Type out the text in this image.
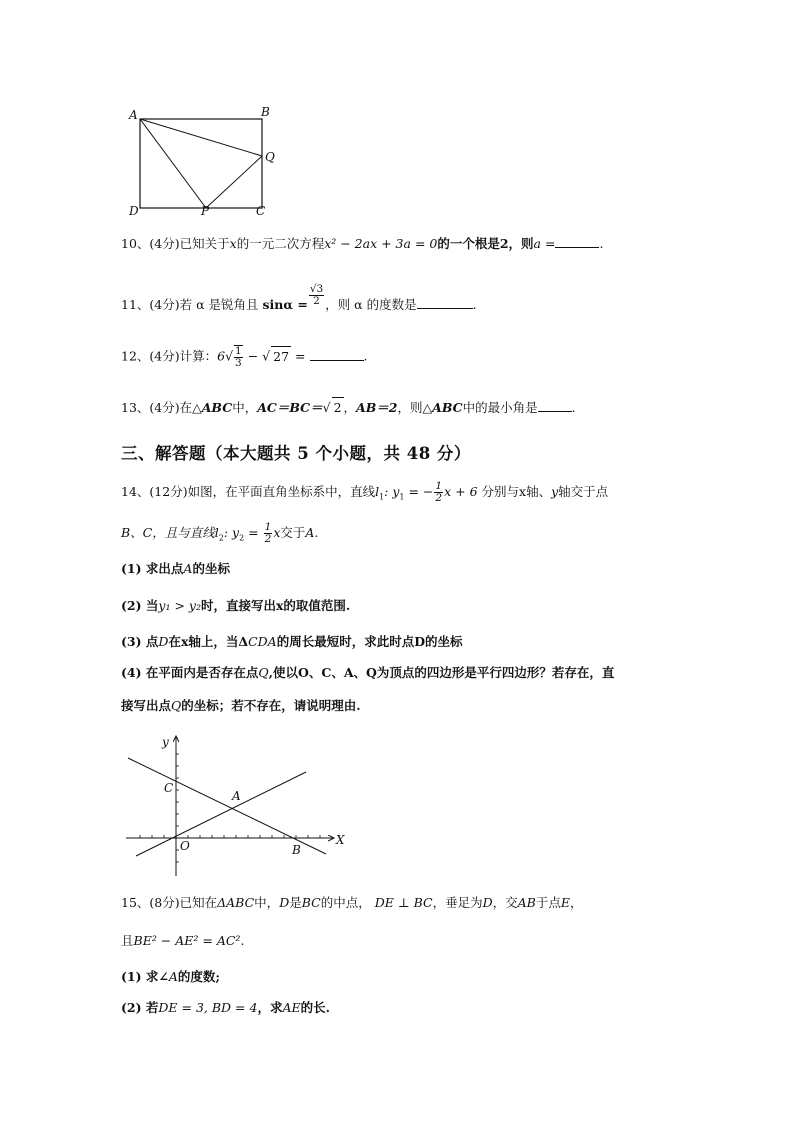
A	B
Q
D	P	C
10、(4分)已知关于x的一元二次方程x² − 2ax + 3a = 0的一个根是2，则a =	.
11、(4分)若 α 是锐角且 $\sin\alpha = \frac{√3}{2}$ ，则 α 的度数是	.
12、(4分)计算：$6√ \frac{1}{3}$ − √ 27 =	.
13、(4分)在△ABC中，AC＝BC＝√ 2 ，AB＝2，则△ABC中的最小角是	.
三、解答题（本大题共 5 个小题，共 48 分）
14、(12分)如图，在平面直角坐标系中，直线$l_1$: $y_1$ = − $\frac{1}{2}$ x + 6 分别与x轴、y轴交于点
B、C，且与直线$l_2$: $y_2 = \frac{1}{2}$ x交于A.
(1) 求出点A的坐标
(2) 当y₁ > y₂时，直接写出x的取值范围.
(3) 点D在x轴上，当ΔCDA的周长最短时，求此时点D的坐标
(4) 在平面内是否存在点Q,使以O、C、A、Q为顶点的四边形是平行四边形？若存在，直
接写出点Q的坐标；若不存在，请说明理由.
y
X
C
A
O	B
15、(8分)已知在ΔABC中，D是BC的中点， DE ⊥ BC，垂足为D，交AB于点E，
且BE² − AE² = AC².
(1) 求∠A的度数;
(2) 若DE = 3, BD = 4，求AE的长.
